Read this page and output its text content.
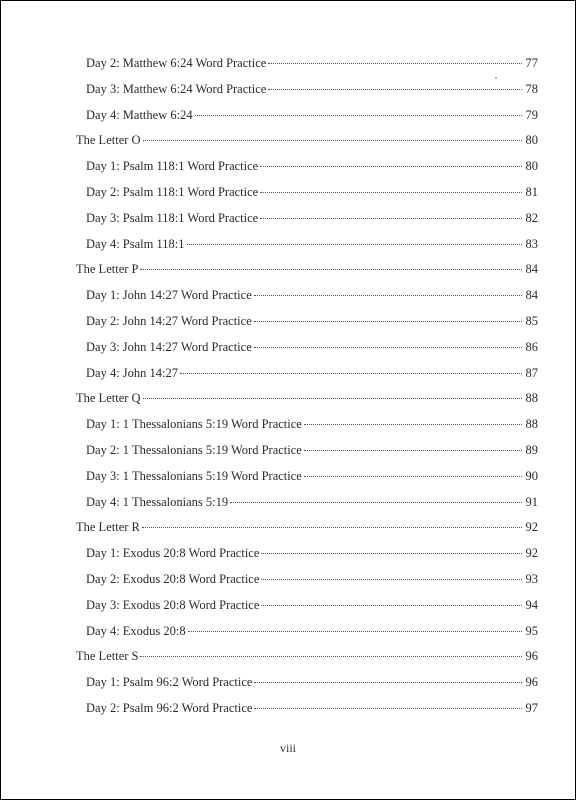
Day 2: Matthew 6:24 Word Practice	77
Day 3: Matthew 6:24 Word Practice	78
Day 4: Matthew 6:24	79
The Letter O	80
Day 1: Psalm 118:1 Word Practice	80
Day 2: Psalm 118:1 Word Practice	81
Day 3: Psalm 118:1 Word Practice	82
Day 4: Psalm 118:1	83
The Letter P	84
Day 1: John 14:27 Word Practice	84
Day 2: John 14:27 Word Practice	85
Day 3: John 14:27 Word Practice	86
Day 4: John 14:27	87
The Letter Q	88
Day 1: 1 Thessalonians 5:19 Word Practice	88
Day 2: 1 Thessalonians 5:19 Word Practice	89
Day 3: 1 Thessalonians 5:19 Word Practice	90
Day 4: 1 Thessalonians 5:19	91
The Letter R	92
Day 1: Exodus 20:8 Word Practice	92
Day 2: Exodus 20:8 Word Practice	93
Day 3: Exodus 20:8 Word Practice	94
Day 4: Exodus 20:8	95
The Letter S	96
Day 1: Psalm 96:2 Word Practice	96
Day 2: Psalm 96:2 Word Practice	97
viii
